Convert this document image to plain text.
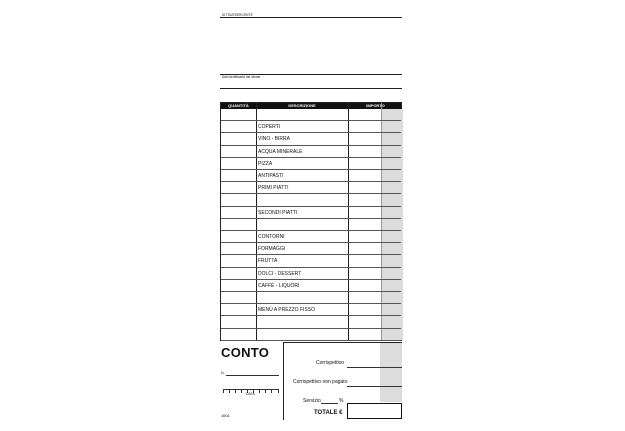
DITTA/ESERCENTE
Dati identificativi del cliente
QUANTITÀ	DESCRIZIONE	IMPORTO
COPERTI
VINO - BIRRA
ACQUA MINERALE
PIZZA
ANTIPASTI
PRIMI PIATTI
SECONDI PIATTI
CONTORNI
FORMAGGI
FRUTTA
DOLCI - DESSERT
CAFFÈ - LIQUORI
MENÙ A PREZZO FISSO
CONTO
N.
DATA
1601
Corrispettivo
Corrispettivo non pagato
Servizio	%
TOTALE €
